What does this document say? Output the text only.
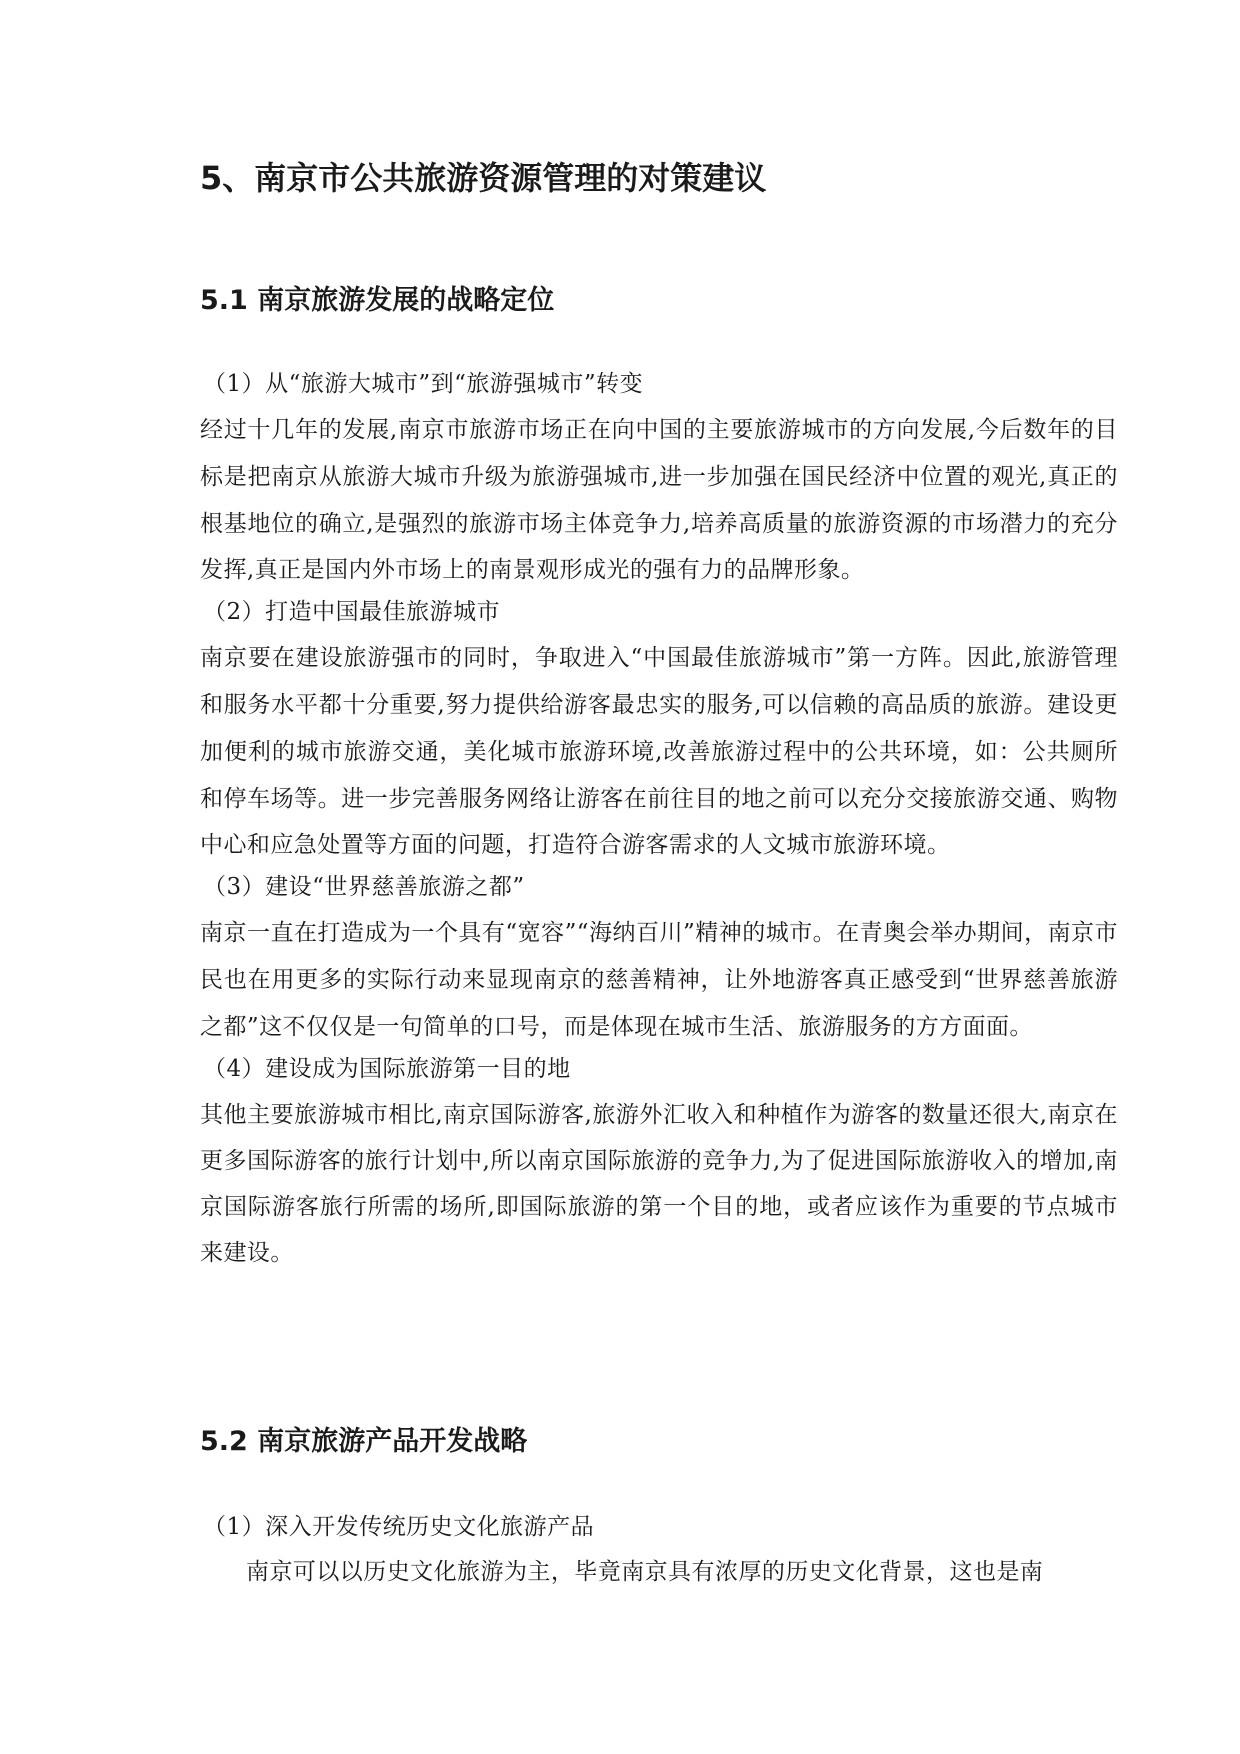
5、南京市公共旅游资源管理的对策建议
5.1 南京旅游发展的战略定位

（1）从“旅游大城市”到“旅游强城市”转变

经过十几年的发展,南京市旅游市场正在向中国的主要旅游城市的方向发展,今后数年的目标是把南京从旅游大城市升级为旅游强城市,进一步加强在国民经济中位置的观光,真正的根基地位的确立,是强烈的旅游市场主体竞争力,培养高质量的旅游资源的市场潜力的充分发挥,真正是国内外市场上的南景观形成光的强有力的品牌形象。

（2）打造中国最佳旅游城市

南京要在建设旅游强市的同时，争取进入“中国最佳旅游城市”第一方阵。因此,旅游管理和服务水平都十分重要,努力提供给游客最忠实的服务,可以信赖的高品质的旅游。建设更加便利的城市旅游交通，美化城市旅游环境,改善旅游过程中的公共环境，如：公共厕所和停车场等。进一步完善服务网络让游客在前往目的地之前可以充分交接旅游交通、购物中心和应急处置等方面的问题，打造符合游客需求的人文城市旅游环境。

（3）建设“世界慈善旅游之都”

南京一直在打造成为一个具有“宽容”“海纳百川”精神的城市。在青奥会举办期间，南京市民也在用更多的实际行动来显现南京的慈善精神，让外地游客真正感受到“世界慈善旅游之都”这不仅仅是一句简单的口号，而是体现在城市生活、旅游服务的方方面面。

（4）建设成为国际旅游第一目的地

其他主要旅游城市相比,南京国际游客,旅游外汇收入和种植作为游客的数量还很大,南京在更多国际游客的旅行计划中,所以南京国际旅游的竞争力,为了促进国际旅游收入的增加,南京国际游客旅行所需的场所,即国际旅游的第一个目的地，或者应该作为重要的节点城市来建设。

5.2 南京旅游产品开发战略

（1）深入开发传统历史文化旅游产品

南京可以以历史文化旅游为主，毕竟南京具有浓厚的历史文化背景，这也是南
